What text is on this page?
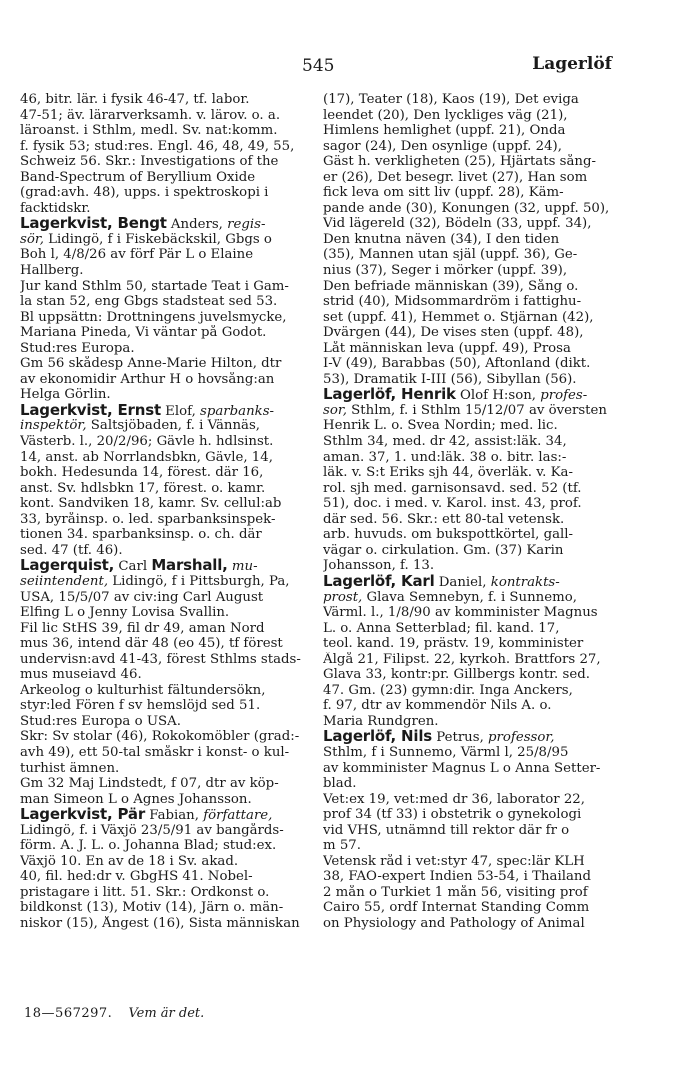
545	Lagerlöf
46, bitr. lär. i fysik 46-47, tf. labor.
47-51; äv. lärarverksamh. v. lärov. o. a.
läroanst. i Sthlm, medl. Sv. nat:komm.
f. fysik 53; stud:res. Engl. 46, 48, 49, 55,
Schweiz 56. Skr.: Investigations of the
Band-Spectrum of Beryllium Oxide
(grad:avh. 48), upps. i spektroskopi i
facktidskr.
Lagerkvist, Bengt Anders, regis-
sör, Lidingö, f i Fiskebäckskil, Gbgs o
Boh l, 4/8/26 av förf Pär L o Elaine
Hallberg.
Jur kand Sthlm 50, startade Teat i Gam-
la stan 52, eng Gbgs stadsteat sed 53.
Bl uppsättn: Drottningens juvelsmycke,
Mariana Pineda, Vi väntar på Godot.
Stud:res Europa.
Gm 56 skådesp Anne-Marie Hilton, dtr
av ekonomidir Arthur H o hovsång:an
Helga Görlin.
Lagerkvist, Ernst Elof, sparbanks-
inspektör, Saltsjöbaden, f. i Vännäs,
Västerb. l., 20/2/96; Gävle h. hdlsinst.
14, anst. ab Norrlandsbkn, Gävle, 14,
bokh. Hedesunda 14, förest. där 16,
anst. Sv. hdlsbkn 17, förest. o. kamr.
kont. Sandviken 18, kamr. Sv. cellul:ab
33, byråinsp. o. led. sparbanksinspek-
tionen 34. sparbanksinsp. o. ch. där
sed. 47 (tf. 46).
Lagerquist, Carl Marshall, mu-
seiintendent, Lidingö, f i Pittsburgh, Pa,
USA, 15/5/07 av civ:ing Carl August
Elfing L o Jenny Lovisa Svallin.
Fil lic StHS 39, fil dr 49, aman Nord
mus 36, intend där 48 (eo 45), tf förest
undervisn:avd 41-43, förest Sthlms stads-
mus museiavd 46.
Arkeolog o kulturhist fältundersökn,
styr:led Fören f sv hemslöjd sed 51.
Stud:res Europa o USA.
Skr: Sv stolar (46), Rokokomöbler (grad:-
avh 49), ett 50-tal småskr i konst- o kul-
turhist ämnen.
Gm 32 Maj Lindstedt, f 07, dtr av köp-
man Simeon L o Agnes Johansson.
Lagerkvist, Pär Fabian, författare,
Lidingö, f. i Växjö 23/5/91 av bangårds-
förm. A. J. L. o. Johanna Blad; stud:ex.
Växjö 10. En av de 18 i Sv. akad.
40, fil. hed:dr v. GbgHS 41. Nobel-
pristagare i litt. 51. Skr.: Ordkonst o.
bildkonst (13), Motiv (14), Järn o. män-
niskor (15), Ångest (16), Sista människan
(17), Teater (18), Kaos (19), Det eviga
leendet (20), Den lyckliges väg (21),
Himlens hemlighet (uppf. 21), Onda
sagor (24), Den osynlige (uppf. 24),
Gäst h. verkligheten (25), Hjärtats sång-
er (26), Det besegr. livet (27), Han som
fick leva om sitt liv (uppf. 28), Käm-
pande ande (30), Konungen (32, uppf. 50),
Vid lägereld (32), Bödeln (33, uppf. 34),
Den knutna näven (34), I den tiden
(35), Mannen utan själ (uppf. 36), Ge-
nius (37), Seger i mörker (uppf. 39),
Den befriade människan (39), Sång o.
strid (40), Midsommardröm i fattighu-
set (uppf. 41), Hemmet o. Stjärnan (42),
Dvärgen (44), De vises sten (uppf. 48),
Låt människan leva (uppf. 49), Prosa
I-V (49), Barabbas (50), Aftonland (dikt.
53), Dramatik I-III (56), Sibyllan (56).
Lagerlöf, Henrik Olof H:son, profes-
sor, Sthlm, f. i Sthlm 15/12/07 av översten
Henrik L. o. Svea Nordin; med. lic.
Sthlm 34, med. dr 42, assist:läk. 34,
aman. 37, 1. und:läk. 38 o. bitr. las:-
läk. v. S:t Eriks sjh 44, överläk. v. Ka-
rol. sjh med. garnisonsavd. sed. 52 (tf.
51), doc. i med. v. Karol. inst. 43, prof.
där sed. 56. Skr.: ett 80-tal vetensk.
arb. huvuds. om bukspottkörtel, gall-
vägar o. cirkulation. Gm. (37) Karin
Johansson, f. 13.
Lagerlöf, Karl Daniel, kontrakts-
prost, Glava Semnebyn, f. i Sunnemo,
Värml. l., 1/8/90 av komminister Magnus
L. o. Anna Setterblad; fil. kand. 17,
teol. kand. 19, prästv. 19, komminister
Älgå 21, Filipst. 22, kyrkoh. Brattfors 27,
Glava 33, kontr:pr. Gillbergs kontr. sed.
47. Gm. (23) gymn:dir. Inga Anckers,
f. 97, dtr av kommendör Nils A. o.
Maria Rundgren.
Lagerlöf, Nils Petrus, professor,
Sthlm, f i Sunnemo, Värml l, 25/8/95
av komminister Magnus L o Anna Setter-
blad.
Vet:ex 19, vet:med dr 36, laborator 22,
prof 34 (tf 33) i obstetrik o gynekologi
vid VHS, utnämnd till rektor där fr o
m 57.
Vetensk råd i vet:styr 47, spec:lär KLH
38, FAO-expert Indien 53-54, i Thailand
2 mån o Turkiet 1 mån 56, visiting prof
Cairo 55, ordf Internat Standing Comm
on Physiology and Pathology of Animal
18—567297. Vem är det.
